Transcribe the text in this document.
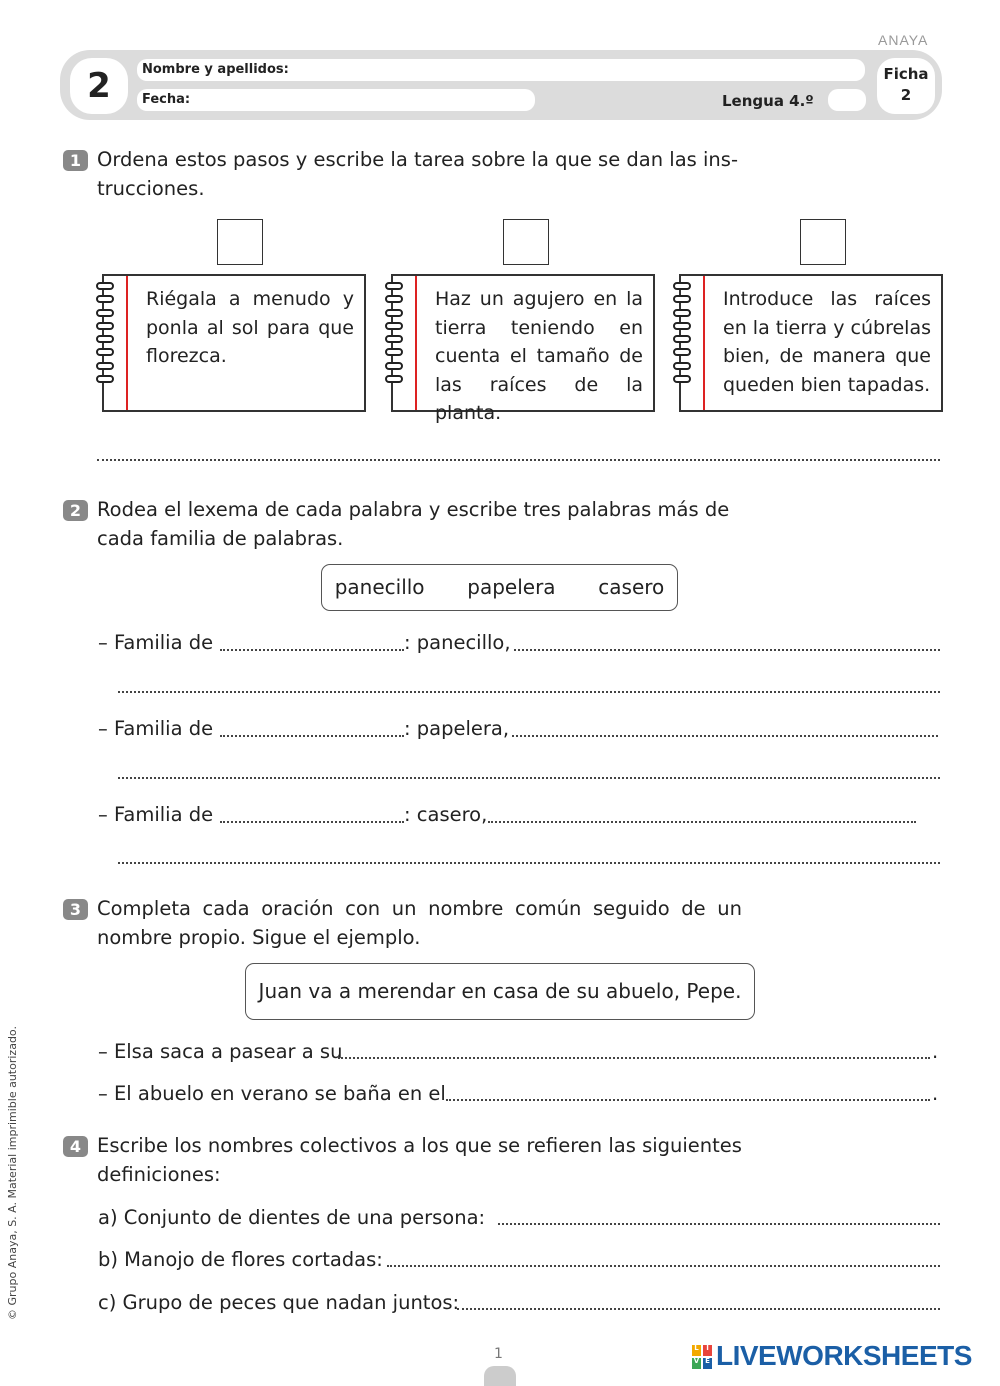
ANAYA
2	Nombre y apellidos:
Fecha:	Lengua 4.º
Ficha
2
1 Ordena estos pasos y escribe la tarea sobre la que se dan las ins-trucciones.
Riégala a menudo y ponla al sol para que florezca.
Haz un agujero en la tierra teniendo en cuenta el tamaño de las raíces de la planta.
Introduce las raíces en la tierra y cúbrelas bien, de manera que queden bien tapadas.
2 Rodea el lexema de cada palabra y escribe tres palabras más de cada familia de palabras.
panecillo papelera casero
– Familia de	: panecillo,
– Familia de	: papelera,
– Familia de	: casero,
3 Completa cada oración con un nombre común seguido de un nombre propio. Sigue el ejemplo.
Juan va a merendar en casa de su abuelo, Pepe.
– Elsa saca a pasear a su	.
– El abuelo en verano se baña en el	.
4 Escribe los nombres colectivos a los que se refieren las siguientes definiciones:
a) Conjunto de dientes de una persona:
b) Manojo de flores cortadas:
c) Grupo de peces que nadan juntos:
© Grupo Anaya, S. A. Material imprimible autorizado.
1	L	I
V E LIVEWORKSHEETS
